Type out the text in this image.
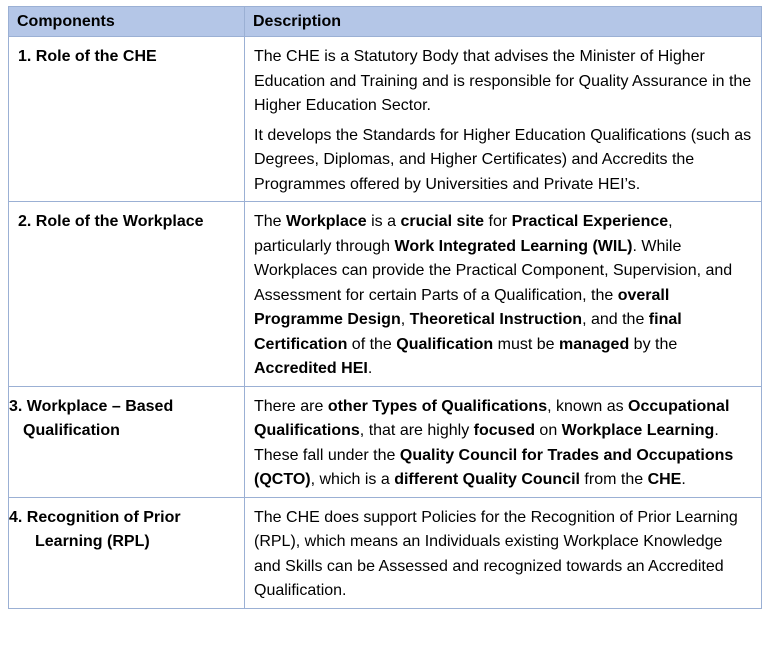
Components	Description
1. Role of the CHE	The CHE is a Statutory Body that advises the Minister of Higher Education and Training and is responsible for Quality Assurance in the Higher Education Sector.

It develops the Standards for Higher Education Qualifications (such as Degrees, Diplomas, and Higher Certificates) and Accredits the Programmes offered by Universities and Private HEI’s.

2. Role of the Workplace	The Workplace is a crucial site for Practical Experience, particularly through Work Integrated Learning (WIL). While Workplaces can provide the Practical Component, Supervision, and Assessment for certain Parts of a Qualification, the overall Programme Design, Theoretical Instruction, and the final Certification of the Qualification must be managed by the Accredited HEI.

3. Workplace – Based Qualification	There are other Types of Qualifications, known as Occupational Qualifications, that are highly focused on Workplace Learning. These fall under the Quality Council for Trades and Occupations (QCTO), which is a different Quality Council from the CHE.

4. Recognition of Prior Learning (RPL)	The CHE does support Policies for the Recognition of Prior Learning (RPL), which means an Individuals existing Workplace Knowledge and Skills can be Assessed and recognized towards an Accredited Qualification.
